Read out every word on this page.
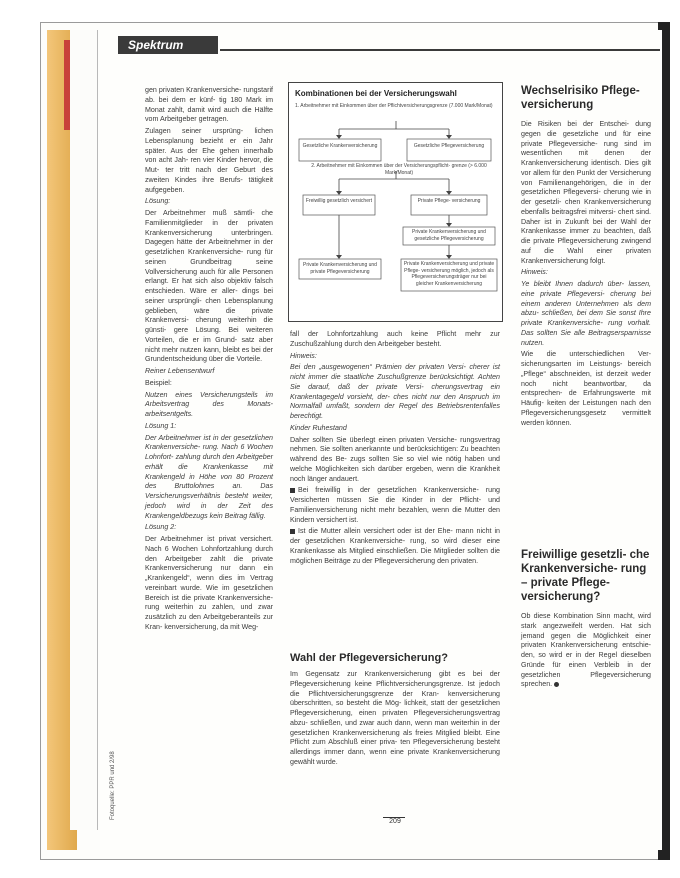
Spektrum

gen privaten Krankenversiche- rungstarif ab. bei dem er künf- tig 180 Mark im Monat zahlt, damit wird auch die Hälfte vom Arbeitgeber getragen.

Zulagen seiner ursprüng- lichen Lebensplanung bezieht er ein Jahr später. Aus der Ehe gehen innerhalb von acht Jah- ren vier Kinder hervor, die Mut- ter tritt nach der Geburt des zweiten Kindes ihre Berufs- tätigkeit aufgegeben.

Lösung:

Der Arbeitnehmer muß sämtli- che Familienmitglieder in der privaten Krankenversicherung unterbringen. Dagegen hätte der Arbeitnehmer in der gesetzlichen Krankenversiche- rung für seinen Grundbeitrag seine Vollversicherung auch für alle Personen erlangt. Er hat sich also objektiv falsch entschieden. Wäre er aller- dings bei seiner ursprüngli- chen Lebensplanung geblieben, wäre die private Krankenversi- cherung weiterhin die günsti- gere Lösung. Bei weiteren Vorteilen, die er im Grund- satz aber nicht mehr nutzen kann, bleibt es bei der Grundentscheidung über die Vorteile.

Reiner Lebensentwurf

Beispiel:

Nutzen eines Versicherungsteils im Arbeitsvertrag des Monats- arbeitsentgelts.

Lösung 1:

Der Arbeitnehmer ist in der gesetzlichen Krankenversiche- rung. Nach 6 Wochen Lohnfort- zahlung durch den Arbeitgeber erhält die Krankenkasse mit Krankengeld in Höhe von 80 Prozent des Bruttolohnes an. Das Versicherungsverhältnis besteht weiter, jedoch wird in der Zeit des Krankengeldbezugs kein Beitrag fällig.

Lösung 2:

Der Arbeitnehmer ist privat versichert. Nach 6 Wochen Lohnfortzahlung durch den Arbeitgeber zahlt die private Krankenversicherung nur dann ein „Krankengeld“, wenn dies im Vertrag vereinbart wurde. Wie im gesetzlichen Bereich ist die private Krankenversiche- rung weiterhin zu zahlen, und zwar zusätzlich zu den Arbeitgeberanteils zur Kran- kenversicherung, da mit Weg-

Kombinationen bei der Versicherungswahl
1. Arbeitnehmer mit Einkommen über der Pflichtversicherungsgrenze (7.000 Mark/Monat)
Gesetzliche Krankenversicherung	Gesetzliche Pflegeversicherung
2. Arbeitnehmer mit Einkommen über der Versicherungspflicht- grenze (> 6.000 Mark/Monat)
Freiwillig gesetzlich versichert	Private Pflege- versicherung
Private Krankenversicherung und gesetzliche Pflegeversicherung
Private Krankenversicherung und private Pflegeversicherung
Private Krankenversicherung und private Pflege- versicherung möglich, jedoch als Pflegeversicherungsträger nur bei gleicher Krankenversicherung

fall der Lohnfortzahlung auch keine Pflicht mehr zur Zuschußzahlung durch den Arbeitgeber besteht.

Hinweis:

Bei den „ausgewogenen“ Prämien der privaten Versi- cherer ist nicht immer die staatliche Zuschußgrenze berücksichtigt. Achten Sie darauf, daß der private Versi- cherungsvertrag ein Krankentagegeld vorsieht, der- ches nicht nur den Anspruch im Normalfall umfaßt, sondern der Regel des Betriebsrentenfalles berechtigt.

Kinder Ruhestand

Daher sollten Sie überlegt einen privaten Versiche- rungsvertrag nehmen. Sie sollten anerkannte und berücksichtigen: Zu beachten während des Be- zugs sollten Sie so viel wie nötig haben und welche Möglichkeiten sich darüber ergeben, wenn die Krankheit noch länger andauert.

Bei freiwillig in der gesetzlichen Krankenversiche- rung Versicherten müssen Sie die Kinder in der Pflicht- und Familienversicherung nicht mehr bezahlen, wenn die Mutter den Kindern versichert ist.

Ist die Mutter allein versichert oder ist der Ehe- mann nicht in der gesetzlichen Krankenversiche- rung, so wird dieser eine Krankenkasse als Mitglied einschließen. Die Mitglieder sollten die möglichen Beiträge zu der Pflegeversicherung den privaten.

Wahl der Pflegeversicherung?

Im Gegensatz zur Krankenversicherung gibt es bei der Pflegeversicherung keine Pflichtversicherungsgrenze. Ist jedoch die Pflichtversicherungsgrenze der Kran- kenversicherung überschritten, so besteht die Mög- lichkeit, statt der gesetzlichen Pflegeversicherung, einen privaten Pflegeversicherungsvertrag abzu- schließen, und zwar auch dann, wenn man weiterhin in der gesetzlichen Krankenversicherung als freies Mitglied bleibt. Eine Pflicht zum Abschluß einer priva- ten Pflegeversicherung besteht allerdings immer dann, wenn eine private Krankenversicherung gewählt wurde.

Wechselrisiko Pflege- versicherung

Die Risiken bei der Entschei- dung gegen die gesetzliche und für eine private Pflegeversiche- rung sind im wesentlichen mit denen der Krankenversicherung identisch. Dies gilt vor allem für den Punkt der Versicherung von Familienangehörigen, die in der gesetzlichen Pflegeversi- cherung wie in der gesetzli- chen Krankenversicherung ebenfalls beitragsfrei mitversi- chert sind. Daher ist in Zukunft bei der Wahl der Krankenkasse immer zu beachten, daß die private Pflegeversicherung zwingend auf die Wahl einer privaten Krankenversicherung folgt.

Hinweis:

Ye bleibt Ihnen dadurch über- lassen, eine private Pflegeversi- cherung bei einem anderen Unternehmen als dem abzu- schließen, bei dem Sie sonst Ihre private Krankenversiche- rung vorhalt. Das sollten Sie alle Beitragsersparnisse nutzen.

Wie die unterschiedlichen Ver- sicherungsarten im Leistungs- bereich „Pflege“ abschneiden, ist derzeit weder noch nicht beantwortbar, da entsprechen- de Erfahrungswerte mit Häufig- keiten der Leistungen nach den Pflegeversicherungsgesetz vermittelt werden können.

Freiwillige gesetzli- che Krankenversiche- rung – private Pflege- versicherung?

Ob diese Kombination Sinn macht, wird stark angezweifelt werden. Hat sich jemand gegen die Möglichkeit einer privaten Krankenversicherung entschie- den, so wird er in der Regel dieselben Gründe für einen Verbleib in der gesetzlichen Pflegeversicherung sprechen.

Fotoquelle: PPR und 2/98
209
